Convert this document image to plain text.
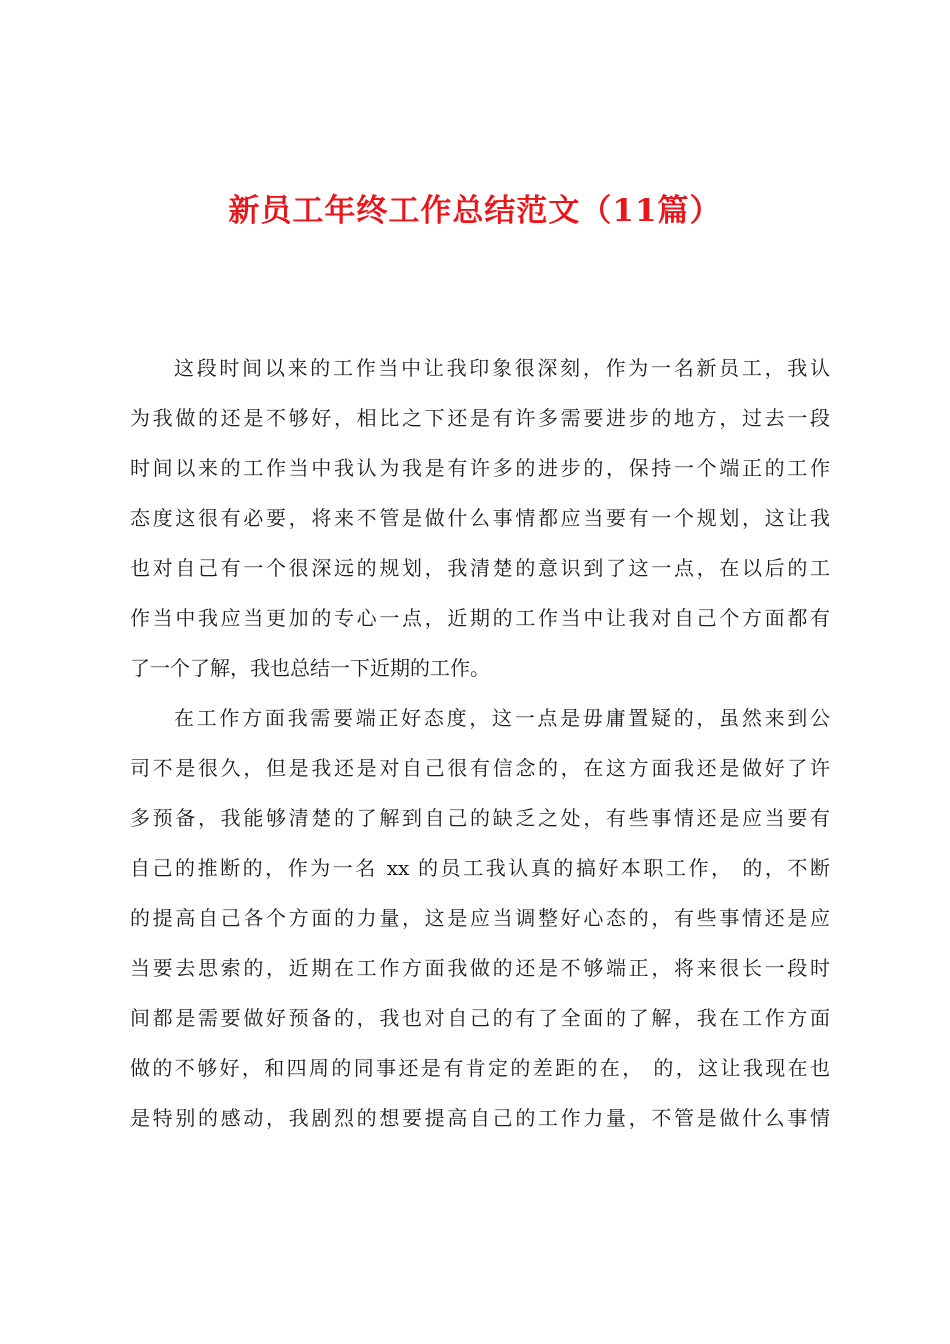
新员工年终工作总结范文（11篇）
这段时间以来的工作当中让我印象很深刻，作为一名新员工，我认
为我做的还是不够好，相比之下还是有许多需要进步的地方，过去一段
时间以来的工作当中我认为我是有许多的进步的，保持一个端正的工作
态度这很有必要，将来不管是做什么事情都应当要有一个规划，这让我
也对自己有一个很深远的规划，我清楚的意识到了这一点，在以后的工
作当中我应当更加的专心一点，近期的工作当中让我对自己个方面都有
了一个了解，我也总结一下近期的工作。
在工作方面我需要端正好态度，这一点是毋庸置疑的，虽然来到公
司不是很久，但是我还是对自己很有信念的，在这方面我还是做好了许
多预备，我能够清楚的了解到自己的缺乏之处，有些事情还是应当要有
自己的推断的，作为一名 xx 的员工我认真的搞好本职工作， 的，不断
的提高自己各个方面的力量，这是应当调整好心态的，有些事情还是应
当要去思索的，近期在工作方面我做的还是不够端正，将来很长一段时
间都是需要做好预备的，我也对自己的有了全面的了解，我在工作方面
做的不够好，和四周的同事还是有肯定的差距的在， 的，这让我现在也
是特别的感动，我剧烈的想要提高自己的工作力量，不管是做什么事情
